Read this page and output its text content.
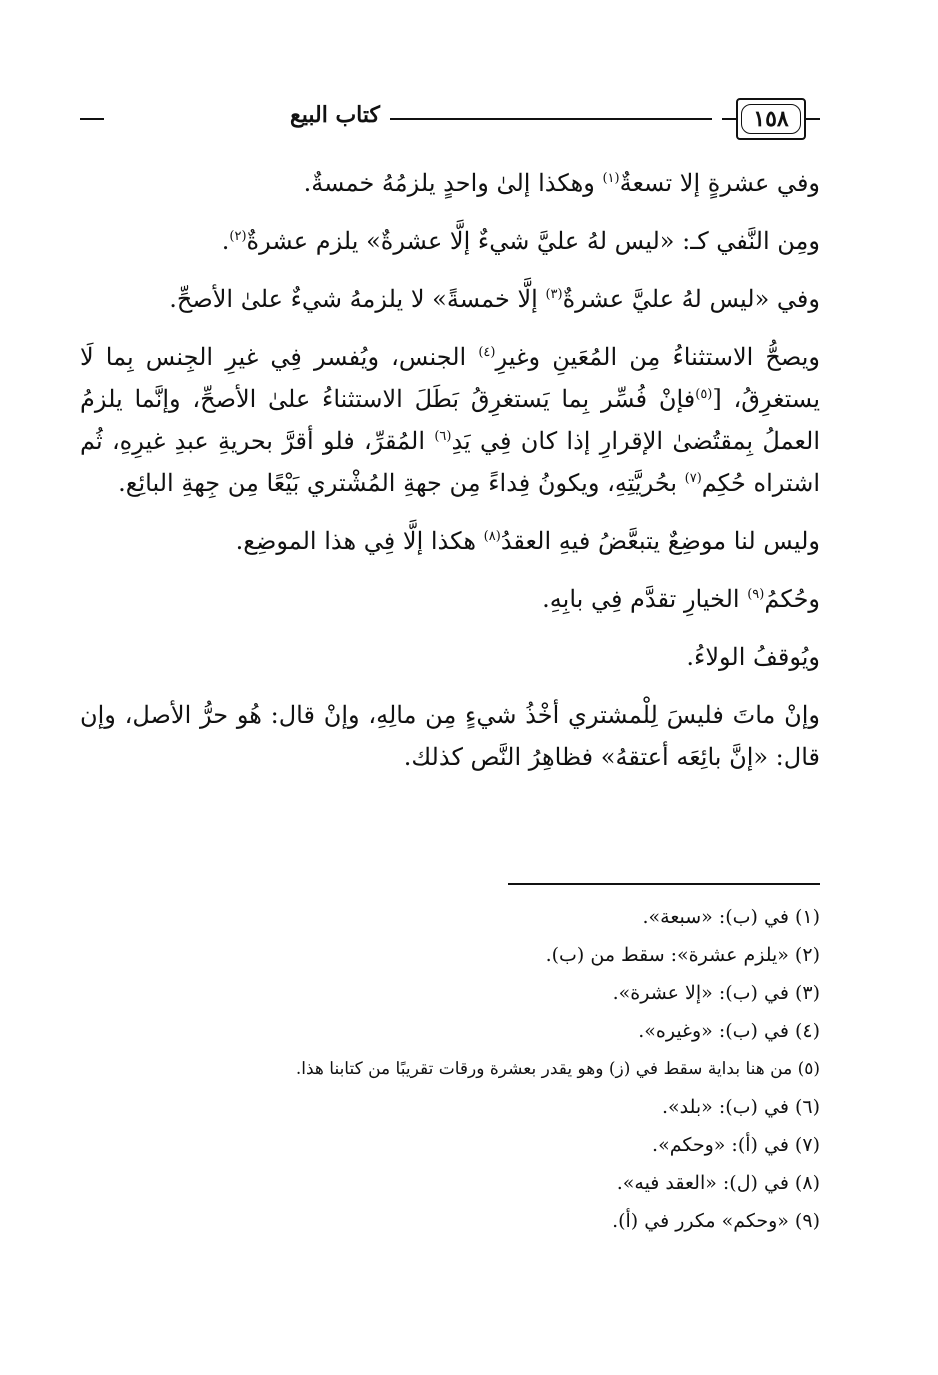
١٥٨
كتاب البيع

وفي عشرةٍ إلا تسعةٌ$^{(١)}$ وهكذا إلىٰ واحدٍ يلزمُهُ خمسةٌ.

ومِن النَّفي كـ: «ليس لهُ عليَّ شيءٌ إلَّا عشرةٌ» يلزم عشرةٌ$^{(٢)}$.

وفي «ليس لهُ عليَّ عشرةٌ$^{(٣)}$ إلَّا خمسةً» لا يلزمهُ شيءٌ علىٰ الأصحِّ.

ويصحُّ الاستثناءُ مِن المُعَينِ وغيرِ$^{(٤)}$ الجنس، ويُفسر فِي غيرِ الجِنس بِما لَا يستغرِقُ، [$^{(٥)}$فإنْ فُسِّر بِما يَستغرِقُ بَطَلَ الاستثناءُ علىٰ الأصحِّ، وإنَّما يلزمُ العملُ بِمقتُضىٰ الإقرارِ إذا كان فِي يَدِ$^{(٦)}$ المُقرِّ، فلو أقرَّ بحريةِ عبدِ غيرِهِ، ثُم اشتراه حُكِم$^{(٧)}$ بحُريَّتِهِ، ويكونُ فِداءً مِن جهةِ المُشْتري بَيْعًا مِن جِهةِ البائِع.

وليس لنا موضِعٌ يتبعَّضُ فيهِ العقدُ$^{(٨)}$ هكذا إلَّا فِي هذا الموضِع.

وحُكمُ$^{(٩)}$ الخيارِ تقدَّم فِي بابِهِ.

ويُوقفُ الولاءُ.

وإنْ ماتَ فليسَ لِلْمشتري أخْذُ شيءٍ مِن مالِهِ، وإنْ قال: هُو حرُّ الأصل، وإن قال: «إنَّ بائِعَه أعتقهُ» فظاهِرُ النَّص كذلك.

(١) في (ب): «سبعة».

(٢) «يلزم عشرة»: سقط من (ب).

(٣) في (ب): «إلا عشرة».

(٤) في (ب): «وغيره».

(٥) من هنا بداية سقط في (ز) وهو يقدر بعشرة ورقات تقريبًا من كتابنا هذا.

(٦) في (ب): «بلد».

(٧) في (أ): «وحكم».

(٨) في (ل): «العقد فيه».

(٩) «وحكم» مكرر في (أ).
